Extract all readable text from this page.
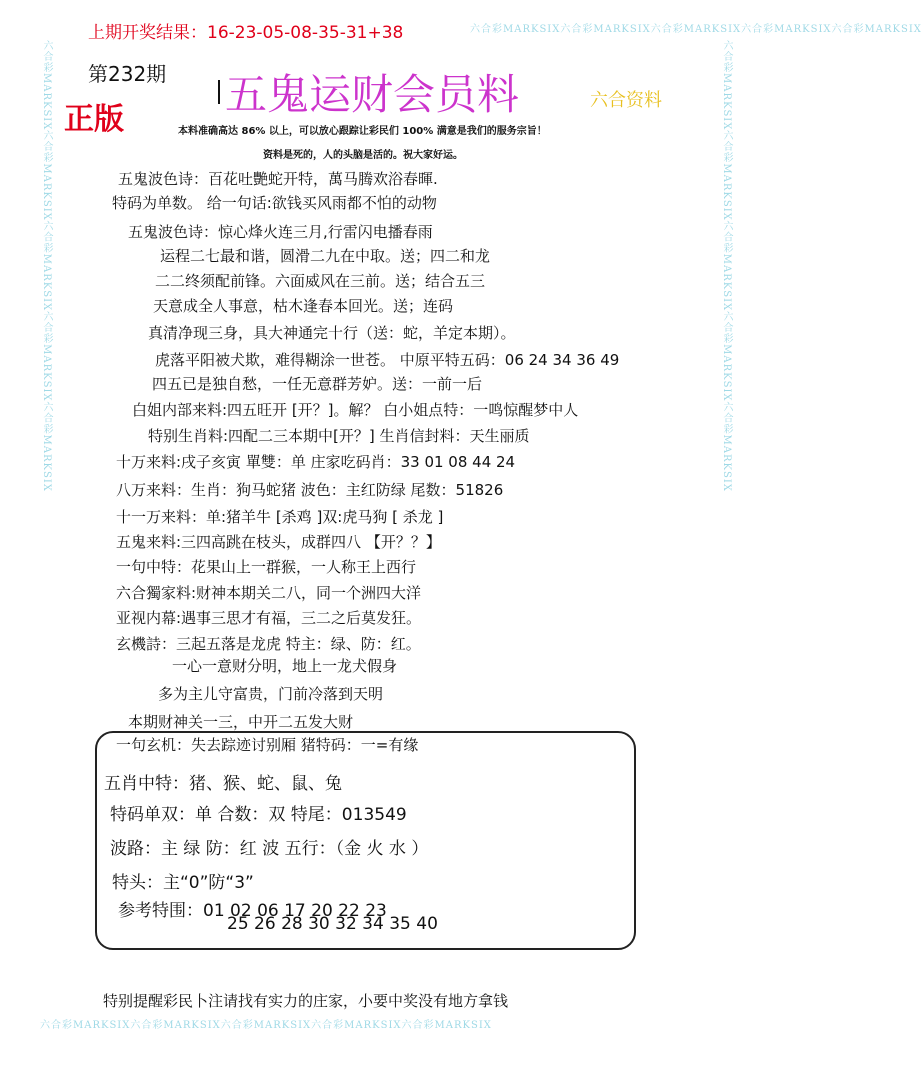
六合彩MARKSIX六合彩MARKSIX六合彩MARKSIX六合彩MARKSIX六合彩MARKSIX
六合彩MARKSIX六合彩MARKSIX六合彩MARKSIX六合彩MARKSIX六合彩MARKSIX
六合彩MARKSIX六合彩MARKSIX六合彩MARKSIX六合彩MARKSIX六合彩MARKSIX	六合彩MARKSIX六合彩MARKSIX六合彩MARKSIX六合彩MARKSIX六合彩MARKSIX
上期开奖结果：16-23-05-08-35-31+38
第232期
正版
五鬼运财会员料	六合资料
本料准确高达 86% 以上，可以放心跟踪让彩民们 100% 满意是我们的服务宗旨！
资料是死的，人的头脑是活的。祝大家好运。
五鬼波色诗：百花吐艷蛇开特，萬马腾欢浴春暉.
特码为单数。 给一句话:欲钱买风雨都不怕的动物
五鬼波色诗：惊心烽火连三月,行雷闪电播春雨
运程二七最和谐，圆滑二九在中取。送；四二和龙
二二终须配前锋。六面威风在三前。送；结合五三
天意成全人事意，枯木逢春本回光。送；连码
真清净现三身，具大神通完十行（送：蛇，羊定本期）。
虎落平阳被犬欺，难得糊涂一世苍。 中原平特五码：06 24 34 36 49
四五已是独自愁，一任无意群芳妒。送：一前一后
白姐内部来料:四五旺开 [开？]。解？ 白小姐点特：一鸣惊醒梦中人
特别生肖料:四配二三本期中[开？] 生肖信封料：天生丽质
十万来料:戌子亥寅 單雙：单 庄家吃码肖：33 01 08 44 24
八万来料：生肖：狗马蛇猪 波色：主红防绿 尾数：51826
十一万来料：单:猪羊牛 [杀鸡 ]双:虎马狗 [ 杀龙 ]
五鬼来料:三四高跳在枝头，成群四八 【开？？】
一句中特：花果山上一群猴，一人称王上西行
六合獨家料:财神本期关二八，同一个洲四大洋
亚视内幕:遇事三思才有福，三二之后莫发狂。
玄機詩：三起五落是龙虎 特主：绿、防：红。
一心一意财分明，地上一龙犬假身
多为主儿守富贵，门前冷落到天明
本期财神关一三，中开二五发大财
一句玄机：失去踪迹讨别厢 猪特码：一=有缘
五肖中特：猪、猴、蛇、鼠、兔
特码单双：单 合数：双 特尾：013549
波路：主 绿 防：红 波 五行：（金 火 水 ）
特头：主“0”防“3”
参考特围：01 02 06 17 20 22 23
25 26 28 30 32 34 35 40
特别提醒彩民卜注请找有实力的庄家，小要中奖没有地方拿钱
